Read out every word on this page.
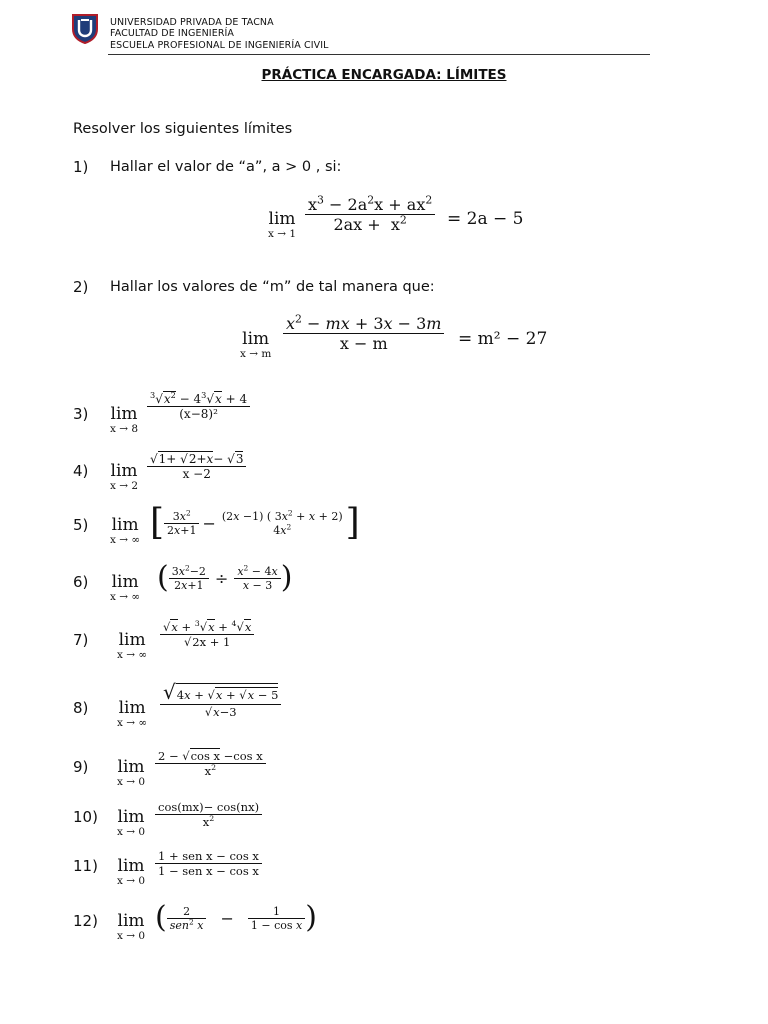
UNIVERSIDAD PRIVADA DE TACNA
FACULTAD DE INGENIERÍA
ESCUELA PROFESIONAL DE INGENIERÍA CIVIL
PRÁCTICA ENCARGADA: LÍMITES
Resolver los siguientes límites
1) Hallar el valor de “a”, a > 0 , si:
lim
x → 1
$x^3 - 2a^2x + ax^2$
$2ax + x^2 = 2a - 5$
2) Hallar los valores de “m” de tal manera que:
lim
x → m
$x^2$ − mx + 3x − 3m
x − m	= m² − 27
3) lim
x → 8
$^3√x^2 - 4^3√x + 4$
(x−8)²
4) lim
x → 2
√1+ √2+x− √3
x −2
5) lim
x → ∞ [ $\frac{3x^2}{2x+1} - (2x -1)$ ( $3x^2 + x + 2$)
$4x^2$ ]
6) lim
x → ∞
( $\frac{3x^2-2}{2x+1} \div \frac{x^2 - 4x}{x - 3}$ )
7) lim
x → ∞
√x + $^3$√x + $^4$√x
√2x + 1
8) lim
x → ∞
√4x + √x + √x − 5
√x−3
9) lim
x → 0
2 − √cos x −cos x
$x^2$
10) lim
x → 0
cos(mx)− cos(nx)
$x^2$
11) lim
x → 0
1 + sen x − cos x
1 − sen x − cos x
12) lim
x → 0
( $\frac{2}{sen^2 x}$ −	$\frac{1}{\text{1 − cos x}}$ )
